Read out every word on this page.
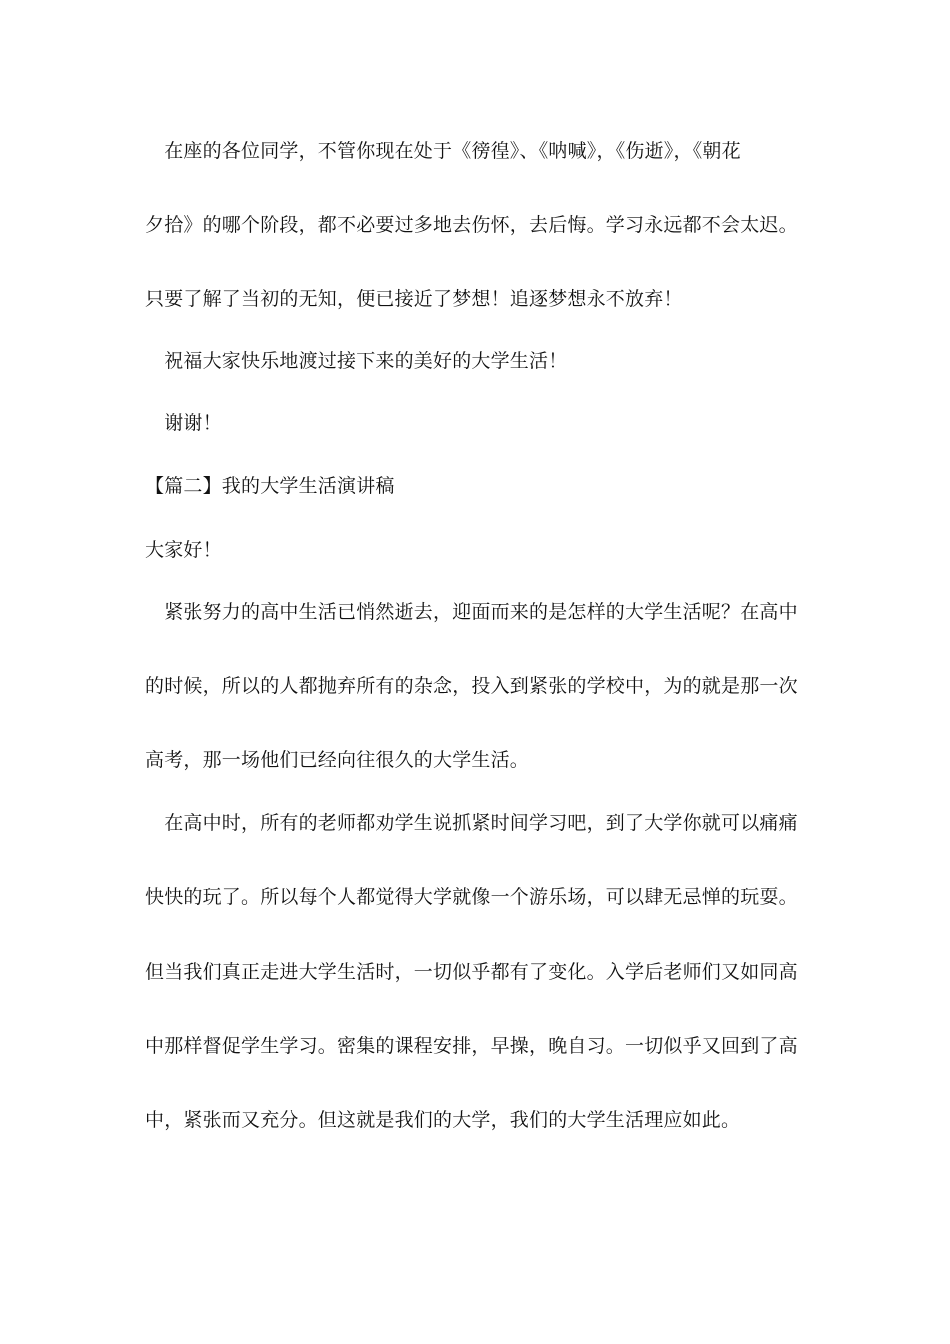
　在座的各位同学，不管你现在处于《徬徨》、《呐喊》，《伤逝》，《朝花
夕拾》的哪个阶段，都不必要过多地去伤怀，去后悔。学习永远都不会太迟。
只要了解了当初的无知，便已接近了梦想！追逐梦想永不放弃！
　祝福大家快乐地渡过接下来的美好的大学生活！
　谢谢！
【篇二】我的大学生活演讲稿
大家好！
　紧张努力的高中生活已悄然逝去，迎面而来的是怎样的大学生活呢？在高中
的时候，所以的人都抛弃所有的杂念，投入到紧张的学校中，为的就是那一次
高考，那一场他们已经向往很久的大学生活。
　在高中时，所有的老师都劝学生说抓紧时间学习吧，到了大学你就可以痛痛
快快的玩了。所以每个人都觉得大学就像一个游乐场，可以肆无忌惮的玩耍。
但当我们真正走进大学生活时，一切似乎都有了变化。入学后老师们又如同高
中那样督促学生学习。密集的课程安排，早操，晚自习。一切似乎又回到了高
中，紧张而又充分。但这就是我们的大学，我们的大学生活理应如此。
